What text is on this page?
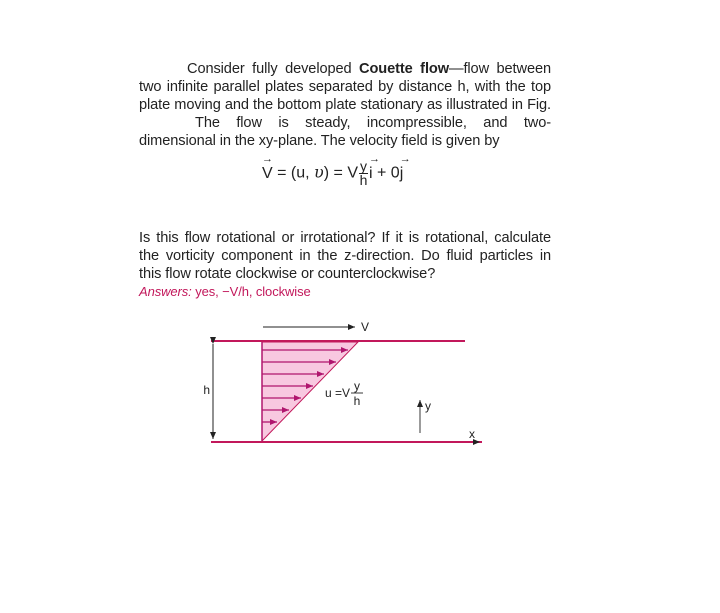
Consider fully developed Couette flow—flow between two infinite parallel plates separated by distance h, with the top plate moving and the bottom plate stationary as illustrated in Fig.The flow is steady, incompressible, and two-dimensional in the xy-plane. The velocity field is given by

→ V = (u, υ) = V $\frac{y}{h}$
→ i + 0→ j

Is this flow rotational or irrotational? If it is rotational, calculate the vorticity component in the z-direction. Do fluid particles in this flow rotate clockwise or counterclockwise?
Answers: yes, −V/h, clockwise

V
h	u =V y
h	y
x
